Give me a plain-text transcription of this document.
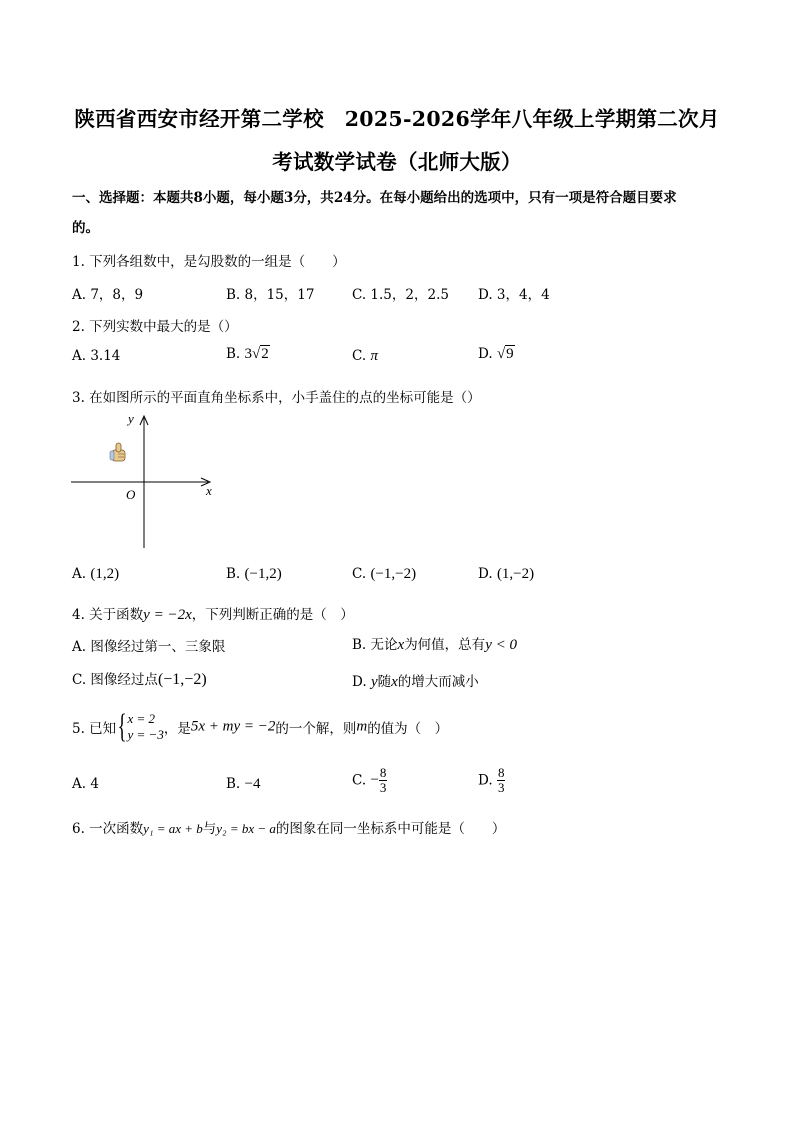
陕西省西安市经开第二学校  2025-2026学年八年级上学期第二次月
考试数学试卷（北师大版）
一、选择题：本题共8小题，每小题3分，共24分。在每小题给出的选项中，只有一项是符合题目要求
的。
1. 下列各组数中，是勾股数的一组是（　　）
A. 7，8，9	B. 8，15，17	C. 1.5，2，2.5 D. 3，4，4
2. 下列实数中最大的是（）
A. 3.14	B. 3√2	C. π	D. √9
3. 在如图所示的平面直角坐标系中，小手盖住的点的坐标可能是（）
y
x
O
A. (1,2)	B. (−1,2)	C. (−1,−2)	D. (1,−2)
4. 关于函数y = −2x，下列判断正确的是（　）
A. 图像经过第一、三象限	B. 无论x为何值，总有y < 0
C. 图像经过点(−1,−2)	D. y随x的增大而减小
5. 已知{ x = 2
y = −3 ，是5x + my = −2的一个解，则m的值为（　）
A. 4	B. −4	C. − $\frac{8}{3}$	D. $\frac{8}{3}$
6. 一次函数y₁ = ax + b与y₂ = bx − a的图象在同一坐标系中可能是（　　）
